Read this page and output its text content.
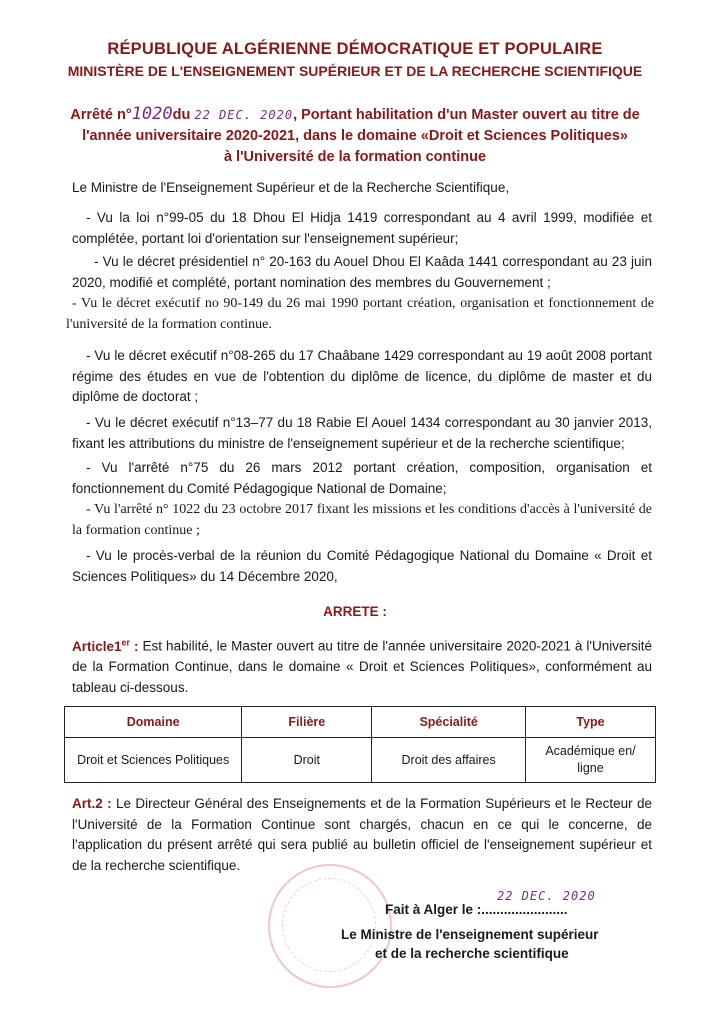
RÉPUBLIQUE ALGÉRIENNE DÉMOCRATIQUE ET POPULAIRE
MINISTÈRE DE L'ENSEIGNEMENT SUPÉRIEUR ET DE LA RECHERCHE SCIENTIFIQUE
Arrêté n°1020du 22 DEC. 2020, Portant habilitation d'un Master ouvert au titre de
l'année universitaire 2020-2021, dans le domaine «Droit et Sciences Politiques»
à l'Université de la formation continue
Le Ministre de l'Enseignement Supérieur et de la Recherche Scientifique,
- Vu la loi n°99-05 du 18 Dhou El Hidja 1419 correspondant au 4 avril 1999, modifiée et complétée, portant loi d'orientation sur l'enseignement supérieur;
- Vu le décret présidentiel n° 20-163 du Aouel Dhou El Kaâda 1441 correspondant au 23 juin 2020, modifié et complété, portant nomination des membres du Gouvernement ;
- Vu le décret exécutif no 90-149 du 26 mai 1990 portant création, organisation et fonctionnement de l'université de la formation continue.
- Vu le décret exécutif n°08-265 du 17 Chaâbane 1429 correspondant au 19 août 2008 portant régime des études en vue de l'obtention du diplôme de licence, du diplôme de master et du diplôme de doctorat ;
- Vu le décret exécutif n°13–77 du 18 Rabie El Aouel 1434 correspondant au 30 janvier 2013, fixant les attributions du ministre de l'enseignement supérieur et de la recherche scientifique;
- Vu l'arrêté n°75 du 26 mars 2012 portant création, composition, organisation et fonctionnement du Comité Pédagogique National de Domaine;
- Vu l'arrêté n° 1022 du 23 octobre 2017 fixant les missions et les conditions d'accès à l'université de la formation continue ;
- Vu le procès-verbal de la réunion du Comité Pédagogique National du Domaine « Droit et Sciences Politiques» du 14 Décembre 2020,
ARRETE :
Article1er : Est habilité, le Master ouvert au titre de l'année universitaire 2020-2021 à l'Université de la Formation Continue, dans le domaine « Droit et Sciences Politiques», conformément au tableau ci-dessous.
Domaine	Filière	Spécialité	Type
Droit et Sciences Politiques	Droit	Droit des affaires	Académique en/ ligne
Art.2 : Le Directeur Général des Enseignements et de la Formation Supérieurs et le Recteur de l'Université de la Formation Continue sont chargés, chacun en ce qui le concerne, de l'application du présent arrêté qui sera publié au bulletin officiel de l'enseignement supérieur et de la recherche scientifique.
Fait à Alger le :.......................
22 DEC. 2020
Le Ministre de l'enseignement supérieur
et de la recherche scientifique
